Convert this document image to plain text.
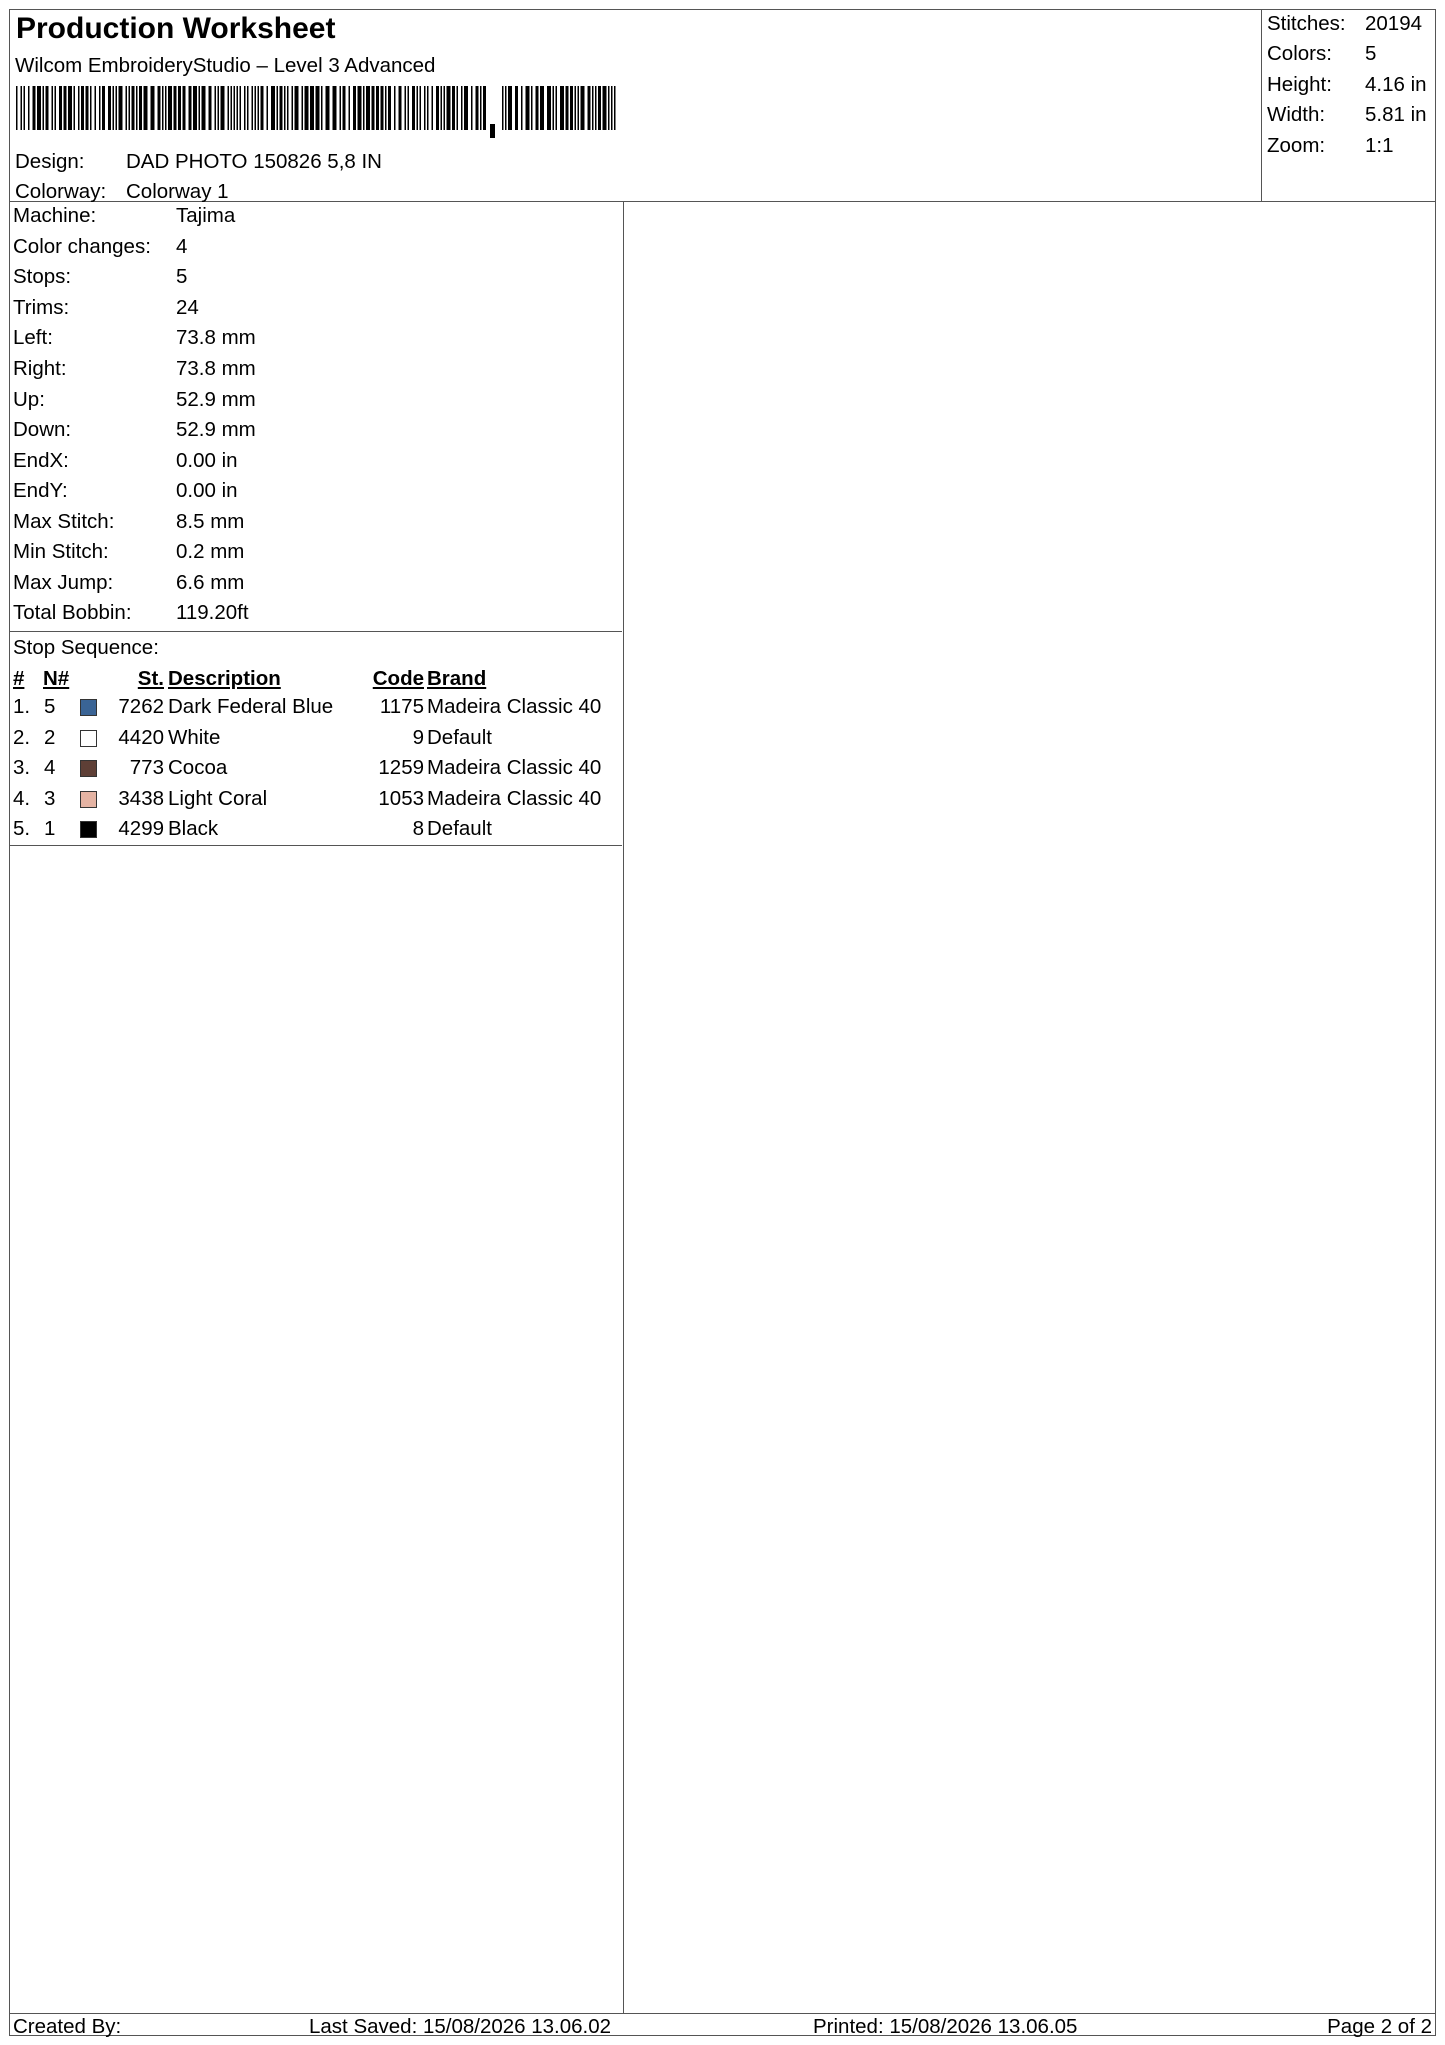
Production Worksheet
Wilcom EmbroideryStudio – Level 3 Advanced
Design: DAD PHOTO 150826 5,8 IN
Colorway: Colorway 1
Stitches: 20194
Colors: 5
Height: 4.16 in
Width: 5.81 in
Zoom: 1:1
Machine:	Tajima
Color changes: 4
Stops:	5
Trims:	24
Left:	73.8 mm
Right:	73.8 mm
Up:	52.9 mm
Down:	52.9 mm
EndX:	0.00 in
EndY:	0.00 in
Max Stitch:	8.5 mm
Min Stitch:	0.2 mm
Max Jump:	6.6 mm
Total Bobbin: 119.20ft
Stop Sequence:
# N#	St. Description	Code Brand
1. 5	7262 Dark Federal Blue	1175 Madeira Classic 40
2. 2	4420 White	9 Default
3. 4	773 Cocoa	1259 Madeira Classic 40
4. 3	3438 Light Coral	1053 Madeira Classic 40
5. 1	4299 Black	8 Default
Created By:	Last Saved: 15/08/2026 13.06.02	Printed: 15/08/2026 13.06.05	Page 2 of 2
